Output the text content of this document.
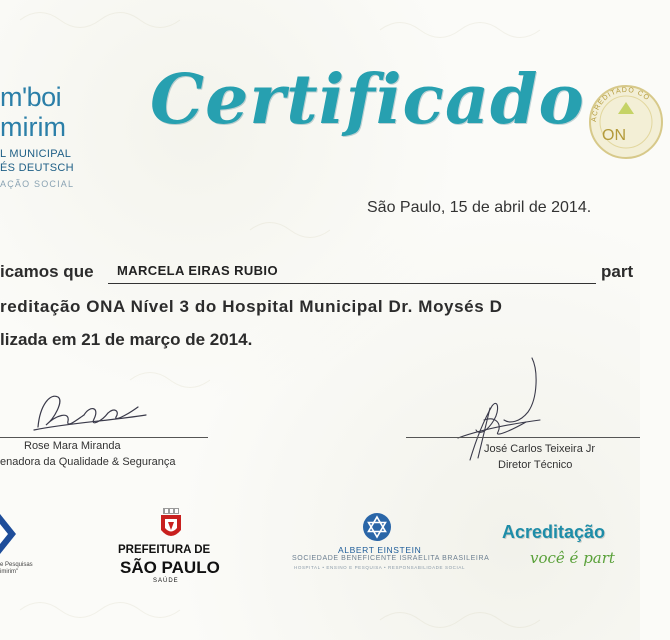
m'boi
mirim
L MUNICIPAL
ÉS DEUTSCH
AÇÃO SOCIAL
Certificado ACREDITADO CO
ON
São Paulo, 15 de abril de 2014.
icamos que MARCELA EIRAS RUBIO	part
reditação ONA Nível 3 do Hospital Municipal Dr. Moysés D
lizada em 21 de março de 2014.
Rose Mara Miranda
enadora da Qualidade & Segurança
José Carlos Teixeira Jr
Diretor Técnico
e Pesquisas
imirim"
PREFEITURA DE
SÃO PAULO
SAÚDE
ALBERT EINSTEIN
SOCIEDADE BENEFICENTE ISRAELITA BRASILEIRA
HOSPITAL • ENSINO E PESQUISA • RESPONSABILIDADE SOCIAL
Acreditação
você é part
